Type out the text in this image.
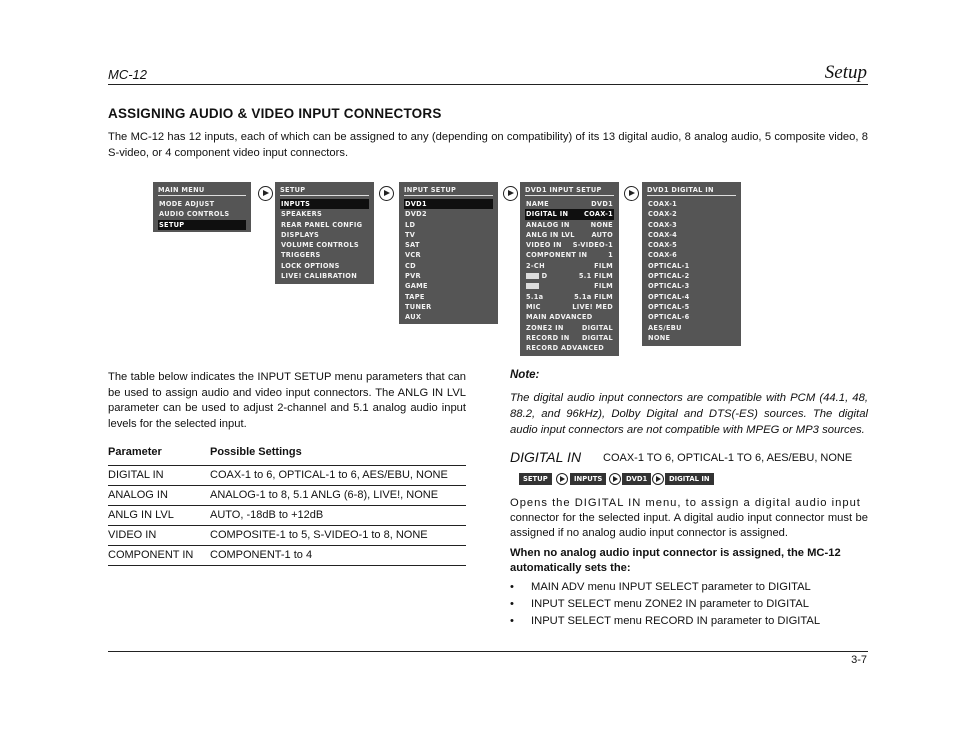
MC-12	Setup
ASSIGNING AUDIO & VIDEO INPUT CONNECTORS
The MC-12 has 12 inputs, each of which can be assigned to any (depending on compatibility) of its 13 digital audio, 8 analog audio, 5 composite video, 8 S-video, or 4 component video input connectors.
MAIN MENU
MODE ADJUST
AUDIO CONTROLS
SETUP
SETUP
INPUTS
SPEAKERS
REAR PANEL CONFIG
DISPLAYS
VOLUME CONTROLS
TRIGGERS
LOCK OPTIONS
LIVE! CALIBRATION
INPUT SETUP
DVD1
DVD2
LD
TV
SAT
VCR
CD
PVR
GAME
TAPE
TUNER
AUX
DVD1 INPUT SETUP
NAME	DVD1
DIGITAL IN COAX-1
ANALOG IN	NONE
ANLG IN LVL	AUTO
VIDEO IN S-VIDEO-1
COMPONENT IN	1
2-CH	FILM
D	5.1 FILM
FILM
5.1a	5.1a FILM
MIC	LIVE! MED
MAIN ADVANCED
ZONE2 IN	DIGITAL
RECORD IN DIGITAL
RECORD ADVANCED
DVD1 DIGITAL IN
COAX-1
COAX-2
COAX-3
COAX-4
COAX-5
COAX-6
OPTICAL-1
OPTICAL-2
OPTICAL-3
OPTICAL-4
OPTICAL-5
OPTICAL-6
AES/EBU
NONE
The table below indicates the INPUT SETUP menu parameters that can be used to assign audio and video input connectors. The ANLG IN LVL parameter can be used to adjust 2-channel and 5.1 analog audio input levels for the selected input.
Parameter	Possible Settings
DIGITAL IN	COAX-1 to 6, OPTICAL-1 to 6, AES/EBU, NONE
ANALOG IN	ANALOG-1 to 8, 5.1 ANLG (6-8), LIVE!, NONE
ANLG IN LVL	AUTO, -18dB to +12dB
VIDEO IN	COMPOSITE-1 to 5, S-VIDEO-1 to 8, NONE
COMPONENT IN	COMPONENT-1 to 4
Note:
The digital audio input connectors are compatible with PCM (44.1, 48, 88.2, and 96kHz), Dolby Digital and DTS(-ES) sources. The digital audio input connectors are not compatible with MPEG or MP3 sources.
DIGITAL IN COAX-1 TO 6, OPTICAL-1 TO 6, AES/EBU, NONE
SETUP	INPUTS	DVD1	DIGITAL IN
Opens the DIGITAL IN menu, to assign a digital audio input
connector for the selected input. A digital audio input connector must be assigned if no analog audio input connector is assigned.
When no analog audio input connector is assigned, the MC-12 automatically sets the:
• MAIN ADV menu INPUT SELECT parameter to DIGITAL
• INPUT SELECT menu ZONE2 IN parameter to DIGITAL
• INPUT SELECT menu RECORD IN parameter to DIGITAL
3-7
